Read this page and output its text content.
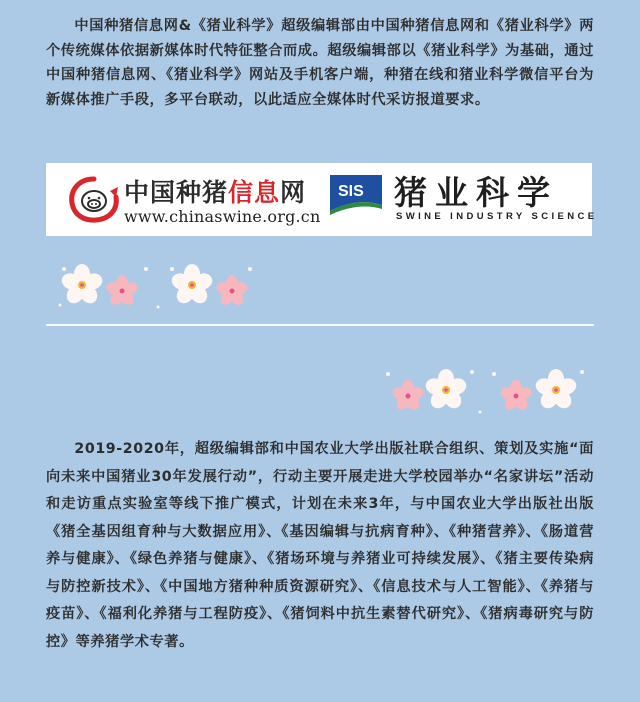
中国种猪信息网&《猪业科学》超级编辑部由中国种猪信息网和《猪业科学》两个传统媒体依据新媒体时代特征整合而成。超级编辑部以《猪业科学》为基础，通过中国种猪信息网、《猪业科学》网站及手机客户端，种猪在线和猪业科学微信平台为新媒体推广手段，多平台联动，以此适应全媒体时代采访报道要求。

中国种猪信息网
www.chinaswine.org.cn
SIS 猪业科学
SWINE INDUSTRY SCIENCE

2019-2020年，超级编辑部和中国农业大学出版社联合组织、策划及实施“面向未来中国猪业30年发展行动”，行动主要开展走进大学校园举办“名家讲坛”活动和走访重点实验室等线下推广模式，计划在未来3年，与中国农业大学出版社出版《猪全基因组育种与大数据应用》、《基因编辑与抗病育种》、《种猪营养》、《肠道营养与健康》、《绿色养猪与健康》、《猪场环境与养猪业可持续发展》、《猪主要传染病与防控新技术》、《中国地方猪种种质资源研究》、《信息技术与人工智能》、《养猪与疫苗》、《福利化养猪与工程防疫》、《猪饲料中抗生素替代研究》、《猪病毒研究与防控》等养猪学术专著。
